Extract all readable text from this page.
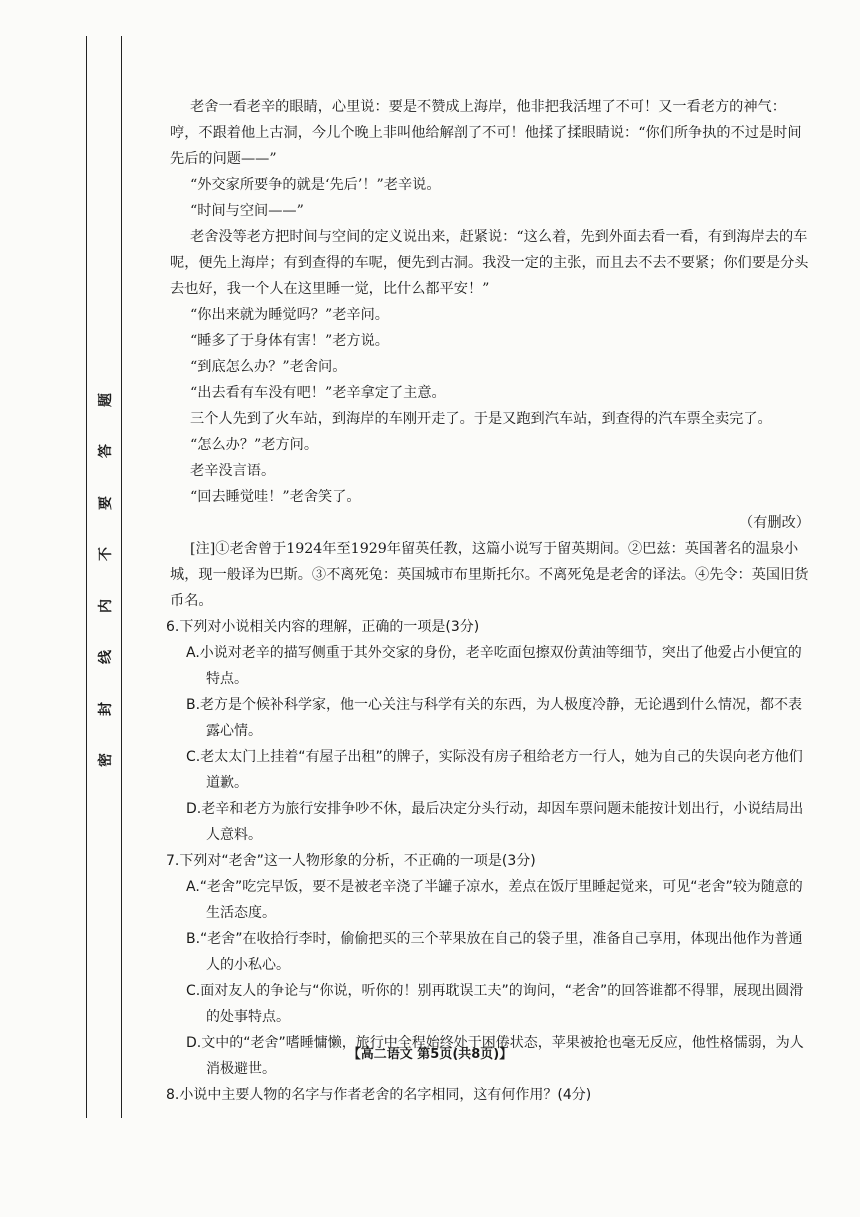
密
封
线
内
不
要
答
题

老舍一看老辛的眼睛，心里说：要是不赞成上海岸，他非把我活埋了不可！又一看老方的神气：哼，不跟着他上古洞，今儿个晚上非叫他给解剖了不可！他揉了揉眼睛说：“你们所争执的不过是时间先后的问题——”

“外交家所要争的就是‘先后’！”老辛说。

“时间与空间——”

老舍没等老方把时间与空间的定义说出来，赶紧说：“这么着，先到外面去看一看，有到海岸去的车呢，便先上海岸；有到查得的车呢，便先到古洞。我没一定的主张，而且去不去不要紧；你们要是分头去也好，我一个人在这里睡一觉，比什么都平安！”

“你出来就为睡觉吗？”老辛问。

“睡多了于身体有害！”老方说。

“到底怎么办？”老舍问。

“出去看有车没有吧！”老辛拿定了主意。

三个人先到了火车站，到海岸的车刚开走了。于是又跑到汽车站，到查得的汽车票全卖完了。

“怎么办？”老方问。

老辛没言语。

“回去睡觉哇！”老舍笑了。

（有删改）

[注]①老舍曾于1924年至1929年留英任教，这篇小说写于留英期间。②巴兹：英国著名的温泉小城，现一般译为巴斯。③不离死兔：英国城市布里斯托尔。不离死兔是老舍的译法。④先令：英国旧货币名。

6.下列对小说相关内容的理解，正确的一项是(3分)

A.小说对老辛的描写侧重于其外交家的身份，老辛吃面包擦双份黄油等细节，突出了他爱占小便宜的特点。

B.老方是个候补科学家，他一心关注与科学有关的东西，为人极度冷静，无论遇到什么情况，都不表露心情。

C.老太太门上挂着“有屋子出租”的牌子，实际没有房子租给老方一行人，她为自己的失误向老方他们道歉。

D.老辛和老方为旅行安排争吵不休，最后决定分头行动，却因车票问题未能按计划出行，小说结局出人意料。

7.下列对“老舍”这一人物形象的分析，不正确的一项是(3分)

A.“老舍”吃完早饭，要不是被老辛浇了半罐子凉水，差点在饭厅里睡起觉来，可见“老舍”较为随意的生活态度。

B.“老舍”在收拾行李时，偷偷把买的三个苹果放在自己的袋子里，准备自己享用，体现出他作为普通人的小私心。

C.面对友人的争论与“你说，听你的！别再耽误工夫”的询问，“老舍”的回答谁都不得罪，展现出圆滑的处事特点。

D.文中的“老舍”嗜睡慵懒，旅行中全程始终处于困倦状态，苹果被抢也毫无反应，他性格懦弱，为人消极避世。

8.小说中主要人物的名字与作者老舍的名字相同，这有何作用？(4分)

【高二语文 第5页(共8页)】
